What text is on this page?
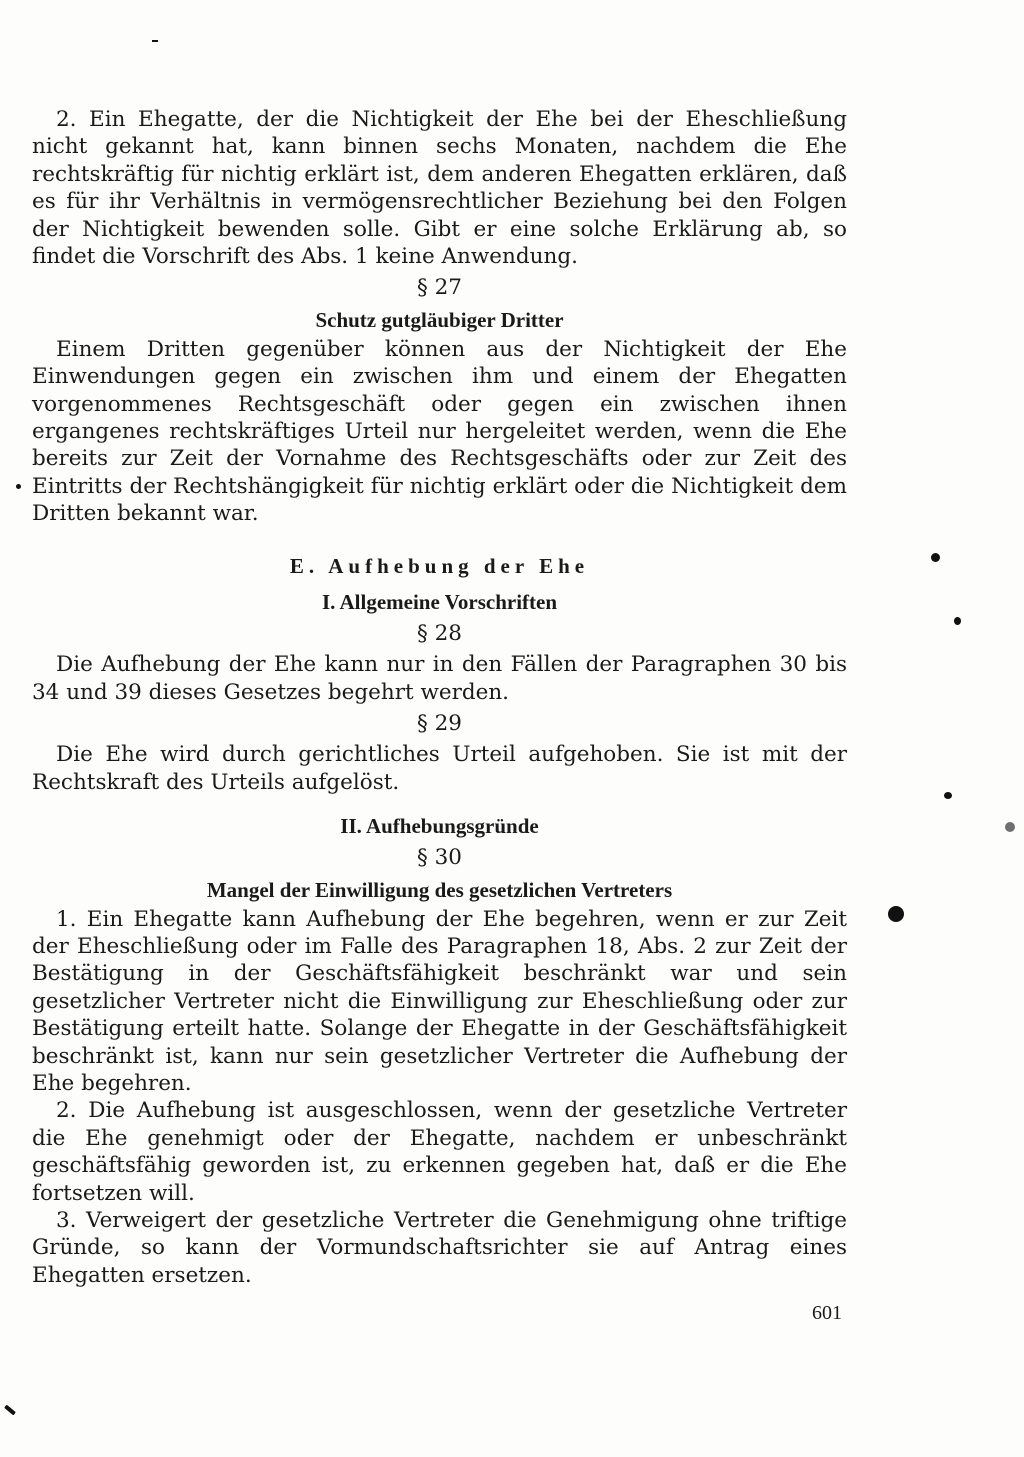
2. Ein Ehegatte, der die Nichtigkeit der Ehe bei der Eheschließung nicht gekannt hat, kann binnen sechs Monaten, nachdem die Ehe rechtskräftig für nichtig erklärt ist, dem anderen Ehegatten erklären, daß es für ihr Verhältnis in vermögensrechtlicher Beziehung bei den Folgen der Nichtigkeit bewenden solle. Gibt er eine solche Erklärung ab, so findet die Vorschrift des Abs. 1 keine Anwendung.

§ 27
Schutz gutgläubiger Dritter

Einem Dritten gegenüber können aus der Nichtigkeit der Ehe Einwendungen gegen ein zwischen ihm und einem der Ehegatten vorgenommenes Rechtsgeschäft oder gegen ein zwischen ihnen ergangenes rechtskräftiges Urteil nur hergeleitet werden, wenn die Ehe bereits zur Zeit der Vornahme des Rechtsgeschäfts oder zur Zeit des Eintritts der Rechtshängigkeit für nichtig erklärt oder die Nichtigkeit dem Dritten bekannt war.

E. Aufhebung der Ehe
I. Allgemeine Vorschriften
§ 28

Die Aufhebung der Ehe kann nur in den Fällen der Paragraphen 30 bis 34 und 39 dieses Gesetzes begehrt werden.

§ 29

Die Ehe wird durch gerichtliches Urteil aufgehoben. Sie ist mit der Rechtskraft des Urteils aufgelöst.

II. Aufhebungsgründe
§ 30
Mangel der Einwilligung des gesetzlichen Vertreters

1. Ein Ehegatte kann Aufhebung der Ehe begehren, wenn er zur Zeit der Eheschließung oder im Falle des Paragraphen 18, Abs. 2 zur Zeit der Bestätigung in der Geschäftsfähigkeit beschränkt war und sein gesetzlicher Vertreter nicht die Einwilligung zur Eheschließung oder zur Bestätigung erteilt hatte. Solange der Ehegatte in der Geschäftsfähigkeit beschränkt ist, kann nur sein gesetzlicher Vertreter die Aufhebung der Ehe begehren.

2. Die Aufhebung ist ausgeschlossen, wenn der gesetzliche Vertreter die Ehe genehmigt oder der Ehegatte, nachdem er unbeschränkt geschäftsfähig geworden ist, zu erkennen gegeben hat, daß er die Ehe fortsetzen will.

3. Verweigert der gesetzliche Vertreter die Genehmigung ohne triftige Gründe, so kann der Vormundschaftsrichter sie auf Antrag eines Ehegatten ersetzen.

601
